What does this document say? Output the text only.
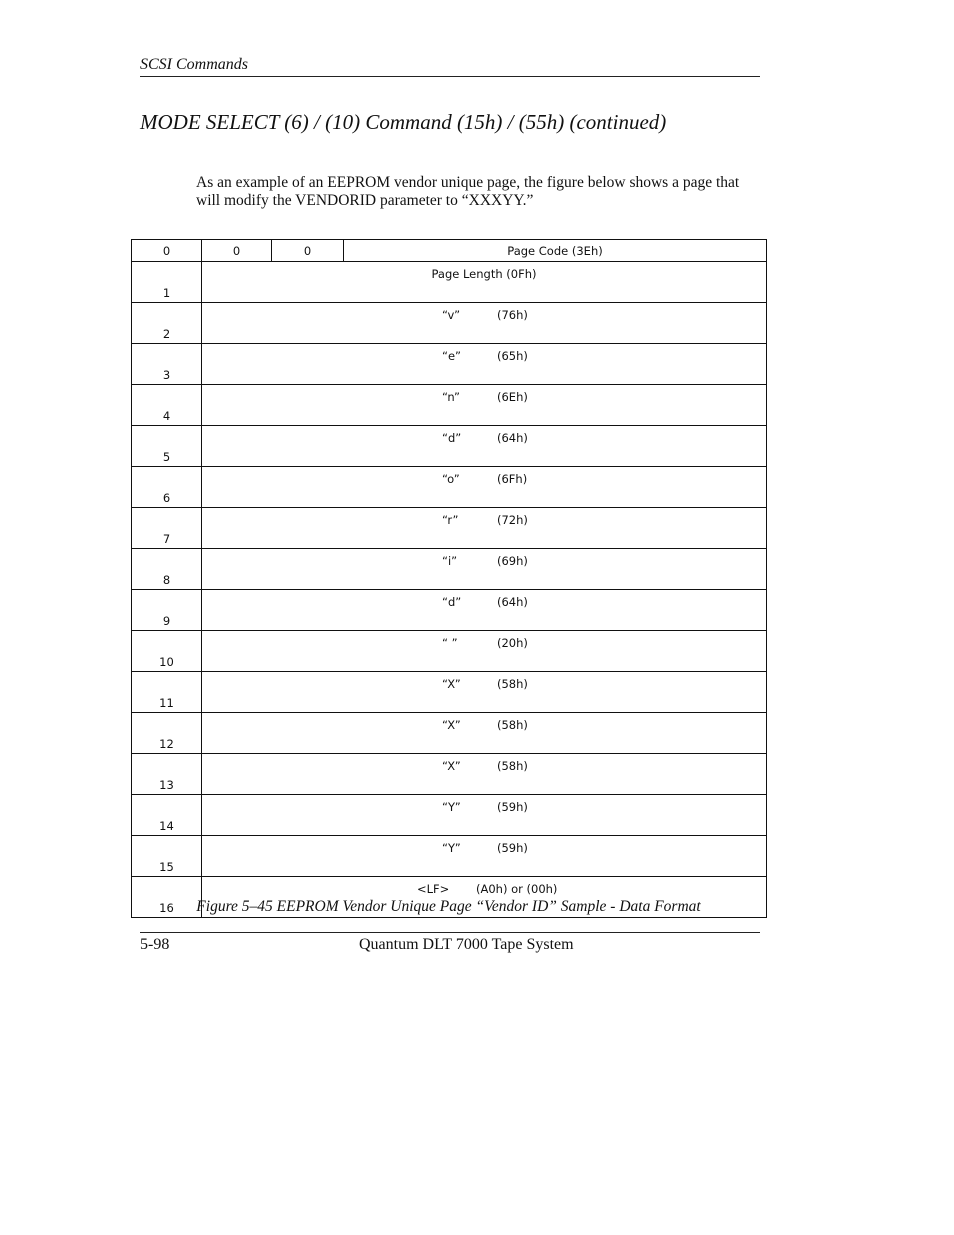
SCSI Commands
MODE SELECT (6) / (10) Command (15h) / (55h) (continued)
As an example of an EEPROM vendor unique page, the figure below shows a page that will modify the VENDORID parameter to “XXXYY.”
0	0	0	Page Code (3Eh)
1	Page Length (0Fh)		

2	“v” (76h)		

3	“e” (65h)		

4	“n” (6Eh)		

5	“d” (64h)		

6	“o” (6Fh)		

7	“r” (72h)		

8	“i” (69h)		

9	“d” (64h)		

10	“ ” (20h)		

11	“X” (58h)		

12	“X” (58h)		

13	“X” (58h)		

14	“Y” (59h)		

15	“Y” (59h)		

16	<LF> (A0h) or (00h)		
Figure 5–45 EEPROM Vendor Unique Page “Vendor ID” Sample - Data Format
5-98	Quantum DLT 7000 Tape System
